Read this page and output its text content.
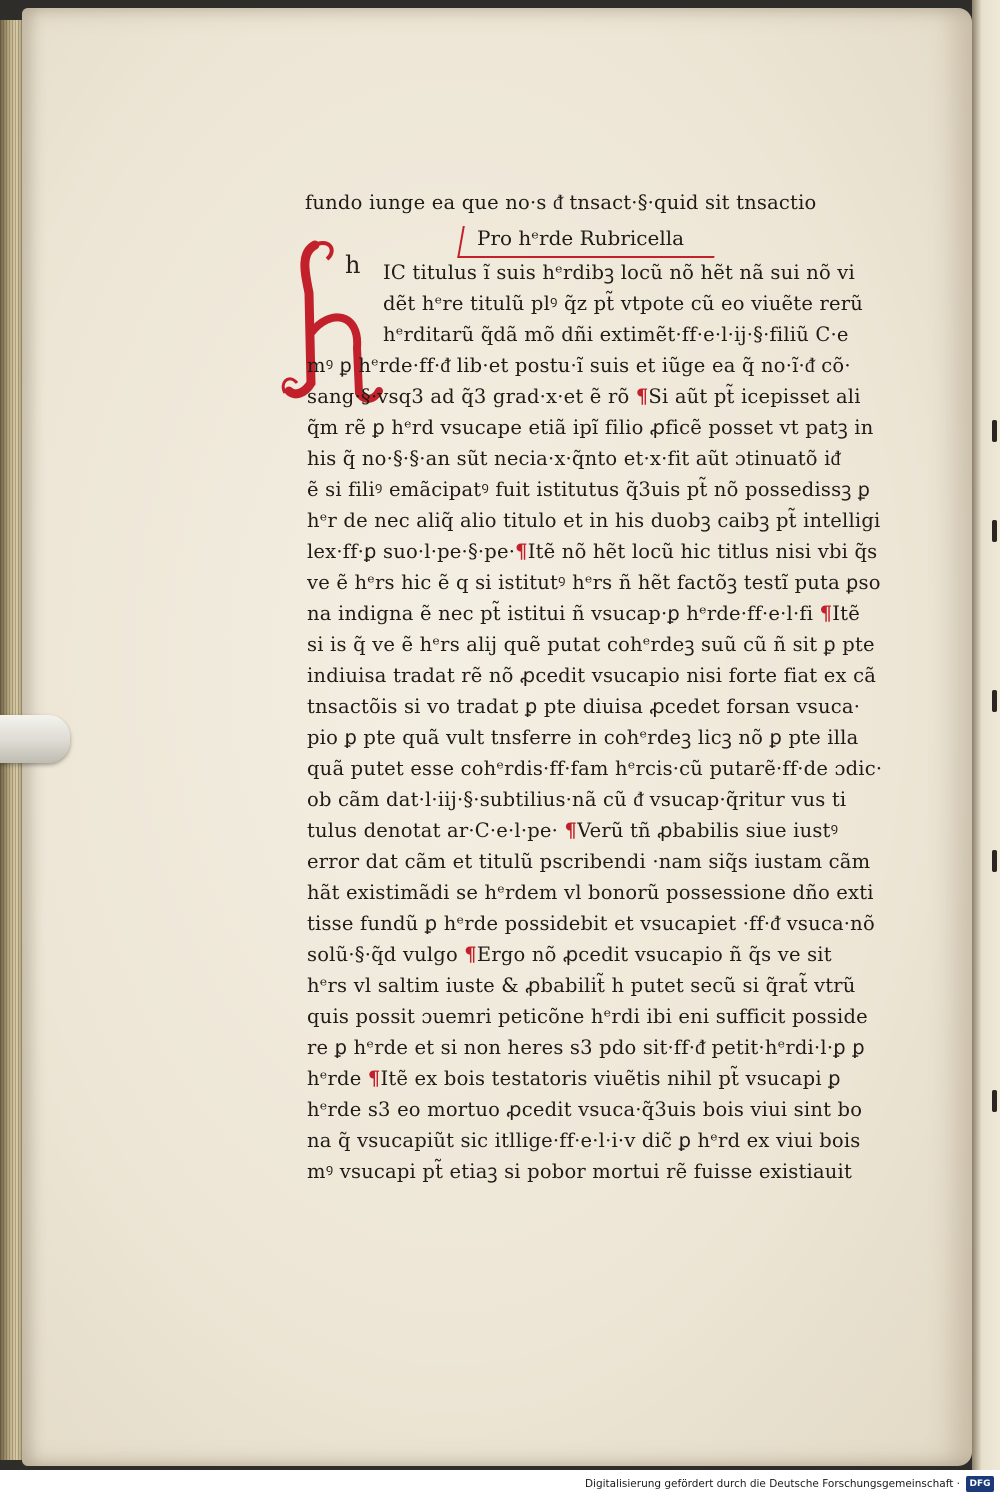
fundo iunge ea que no·s ᵭ tnsact·§·quid sit tnsactio
Pro hᵉrde Rubricella
h IC titulus ĩ suis hᵉrdibꝫ locũ nõ hẽt nã sui nõ vi
dẽt hᵉre titulũ plꝰ q̃z pt̃ vtpote cũ eo viuẽte rerũ
hᵉrditarũ q̃dã mõ dñi extimẽt·ff·e·l·ij·§·filiũ C·e
mꝰ ꝑ hᵉrde·ff·ᵭ lib·et postu·ĩ suis et iũge ea q̃ no·ĩ·ᵭ cõ·
sang·§·vsq3 ad q̃3 grad·x·et ẽ rõ ¶Si aũt pt̃ icepisset ali
q̃m rẽ ꝑ hᵉrd vsucape etiã ipĩ filio ꝓficẽ posset vt patꝫ in
his q̃ no·§·§·an sũt necia·x·q̃nto et·x·fit aũt ɔtinuatõ iᵭ
ẽ si filiꝰ emãcipatꝰ fuit istitutus q̃3uis pt̃ nõ possedissꝫ ꝑ
hᵉr de nec aliq̃ alio titulo et in his duobꝫ caibꝫ pt̃ intelligi
lex·ff·ꝑ suo·l·pe·§·pe·¶Itẽ nõ hẽt locũ hic titlus nisi vbi q̃s
ve ẽ hᵉrs hic ẽ q si istitutꝰ hᵉrs ñ hẽt factõꝫ testĩ puta ꝑso
na indigna ẽ nec pt̃ istitui ñ vsucap·ꝑ hᵉrde·ff·e·l·fi ¶Itẽ
si is q̃ ve ẽ hᵉrs alij quẽ putat cohᵉrdeꝫ suũ cũ ñ sit ꝑ pte
indiuisa tradat rẽ nõ ꝓcedit vsucapio nisi forte fiat ex cã
tnsactõis si vo tradat ꝑ pte diuisa ꝓcedet forsan vsuca·
pio ꝑ pte quã vult tnsferre in cohᵉrdeꝫ licꝫ nõ ꝑ pte illa
quã putet esse cohᵉrdis·ff·fam hᵉrcis·cũ putarẽ·ff·de ɔdic·
ob cãm dat·l·iij·§·subtilius·nã cũ ᵭ vsucap·q̃ritur vus ti
tulus denotat ar·C·e·l·pe· ¶Verũ tñ ꝓbabilis siue iustꝰ
error dat cãm et titulũ pscribendi ·nam siq̃s iustam cãm
hãt existimãdi se hᵉrdem vl bonorũ possessione dño exti
tisse fundũ ꝑ hᵉrde possidebit et vsucapiet ·ff·ᵭ vsuca·nõ
solũ·§·q̃d vulgo ¶Ergo nõ ꝓcedit vsucapio ñ q̃s ve sit
hᵉrs vl saltim iuste & ꝓbabilit̃ h putet secũ si q̃rat̃ vtrũ
quis possit ɔuemri peticõne hᵉrdi ibi eni sufficit posside
re ꝑ hᵉrde et si non heres s3 pdo sit·ff·ᵭ petit·hᵉrdi·l·ꝑ ꝑ
hᵉrde ¶Itẽ ex bois testatoris viuẽtis nihil pt̃ vsucapi ꝑ
hᵉrde s3 eo mortuo ꝓcedit vsuca·q̃3uis bois viui sint bo
na q̃ vsucapiũt sic itllige·ff·e·l·i·v dic̃ ꝑ hᵉrd ex viui bois
mꝰ vsucapi pt̃ etiaꝫ si pobor mortui rẽ fuisse existiauit
Digitalisierung gefördert durch die Deutsche Forschungsgemeinschaft ·	DFG
